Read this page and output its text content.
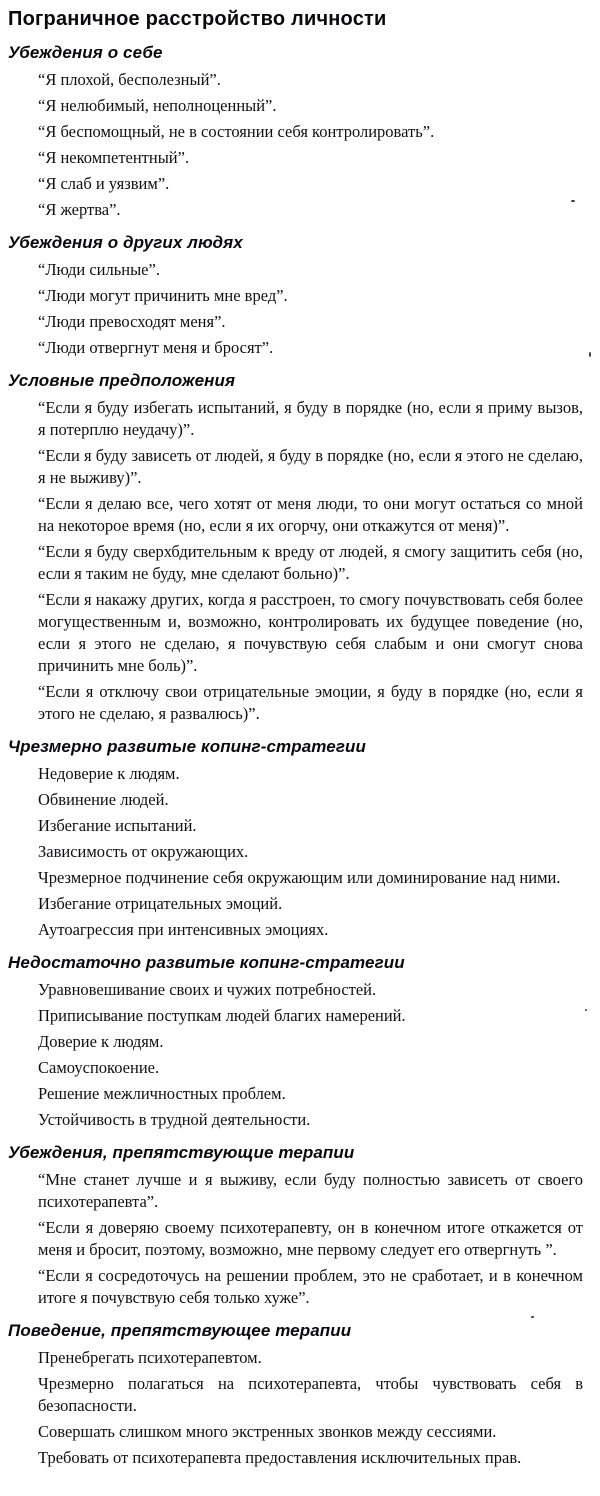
Пограничное расстройство личности
Убеждения о себе

“Я плохой, бесполезный”.

“Я нелюбимый, неполноценный”.

“Я беспомощный, не в состоянии себя контролировать”.

“Я некомпетентный”.

“Я слаб и уязвим”.

“Я жертва”.

Убеждения о других людях

“Люди сильные”.

“Люди могут причинить мне вред”.

“Люди превосходят меня”.

“Люди отвергнут меня и бросят”.

Условные предположения

“Если я буду избегать испытаний, я буду в порядке (но, если я приму вызов, я потерплю неудачу)”.

“Если я буду зависеть от людей, я буду в порядке (но, если я этого не сделаю, я не выживу)”.

“Если я делаю все, чего хотят от меня люди, то они могут остаться со мной на некоторое время (но, если я их огорчу, они откажутся от меня)”.

“Если я буду сверхбдительным к вреду от людей, я смогу защитить себя (но, если я таким не буду, мне сделают больно)”.

“Если я накажу других, когда я расстроен, то смогу почувствовать себя более могущественным и, возможно, контролировать их будущее поведение (но, если я этого не сделаю, я почувствую себя слабым и они смогут снова причинить мне боль)”.

“Если я отключу свои отрицательные эмоции, я буду в порядке (но, если я этого не сделаю, я развалюсь)”.

Чрезмерно развитые копинг-стратегии

Недоверие к людям.

Обвинение людей.

Избегание испытаний.

Зависимость от окружающих.

Чрезмерное подчинение себя окружающим или доминирование над ними.

Избегание отрицательных эмоций.

Аутоагрессия при интенсивных эмоциях.

Недостаточно развитые копинг-стратегии

Уравновешивание своих и чужих потребностей.

Приписывание поступкам людей благих намерений.

Доверие к людям.

Самоуспокоение.

Решение межличностных проблем.

Устойчивость в трудной деятельности.

Убеждения, препятствующие терапии

“Мне станет лучше и я выживу, если буду полностью зависеть от своего психотерапевта”.

“Если я доверяю своему психотерапевту, он в конечном итоге откажется от меня и бросит, поэтому, возможно, мне первому следует его отвергнуть ”.

“Если я сосредоточусь на решении проблем, это не сработает, и в конечном итоге я почувствую себя только хуже”.

Поведение, препятствующее терапии

Пренебрегать психотерапевтом.

Чрезмерно полагаться на психотерапевта, чтобы чувствовать себя в безопасности.

Совершать слишком много экстренных звонков между сессиями.

Требовать от психотерапевта предоставления исключительных прав.
